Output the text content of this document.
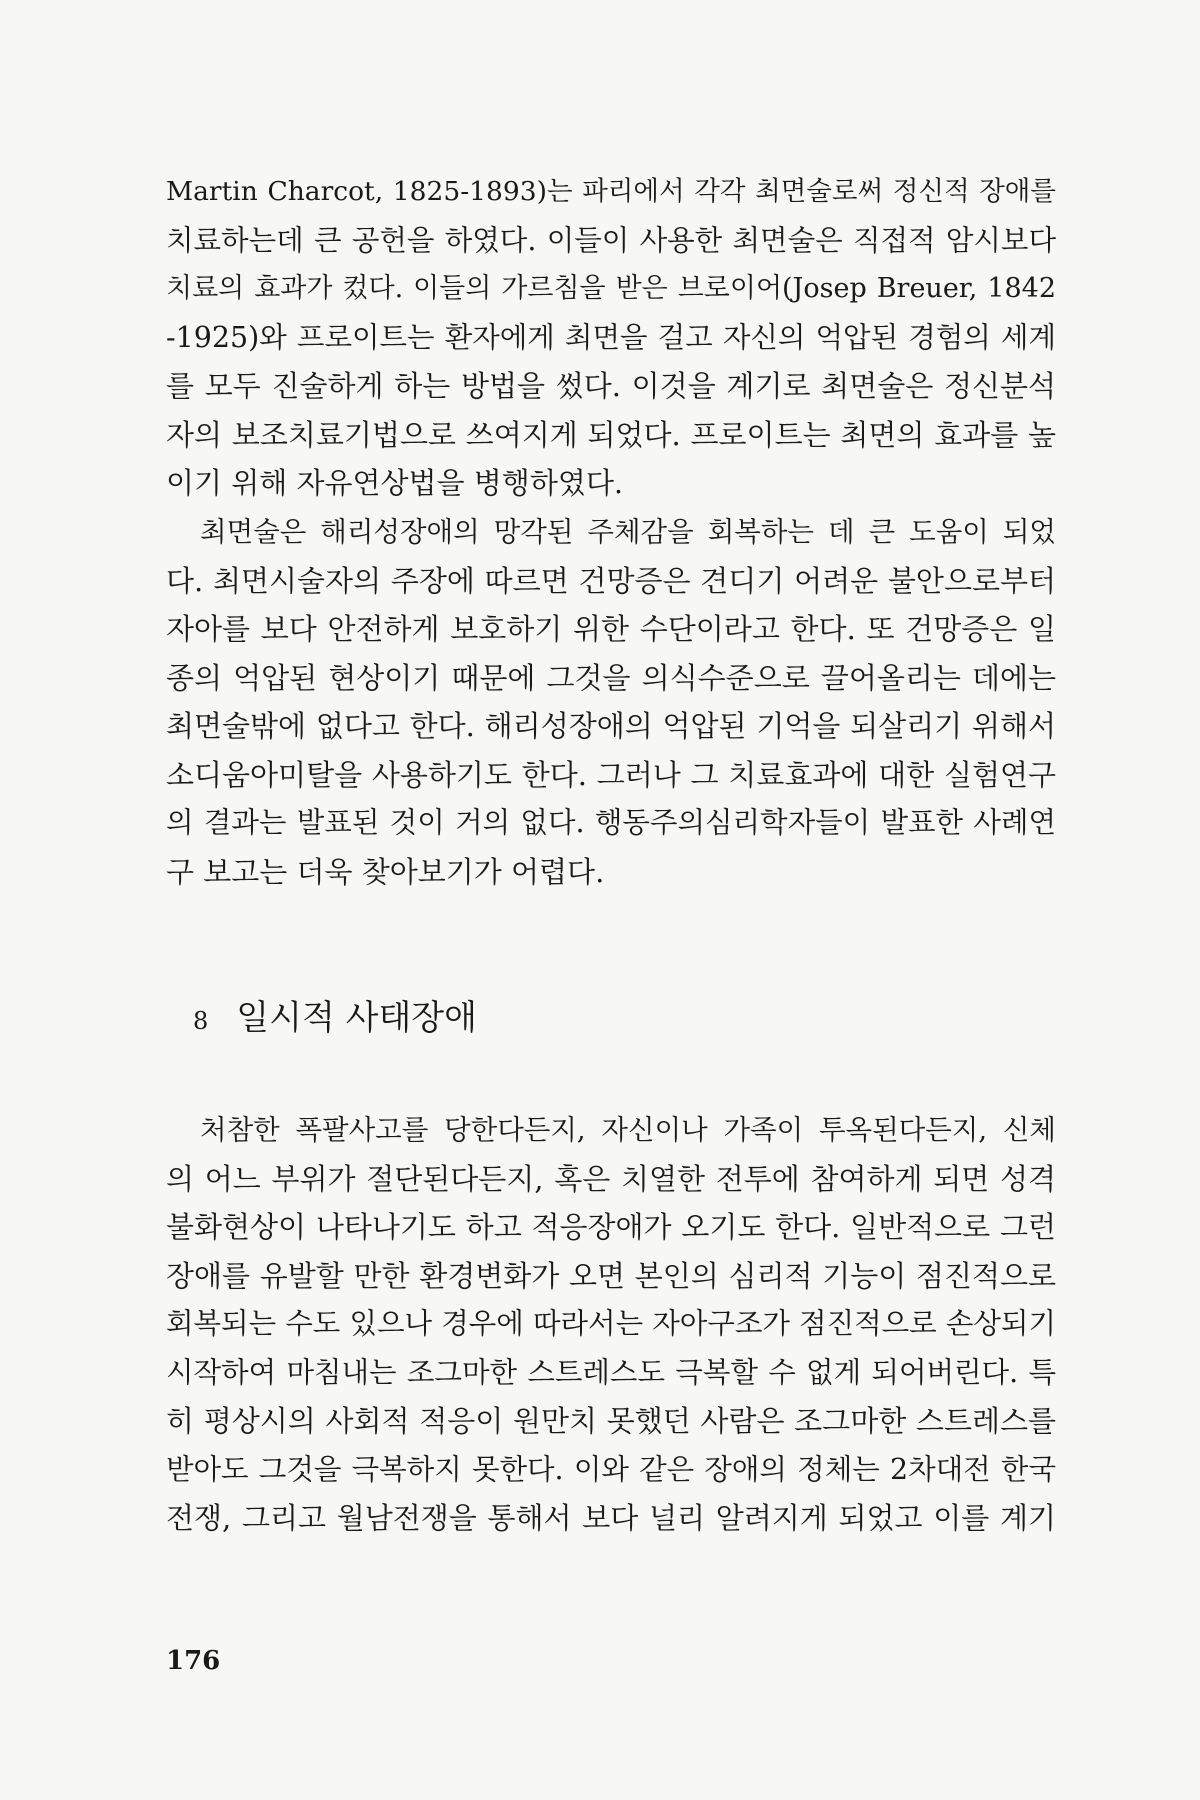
Martin Charcot, 1825-1893)는 파리에서 각각 최면술로써 정신적 장애를
치료하는데 큰 공헌을 하였다. 이들이 사용한 최면술은 직접적 암시보다
치료의 효과가 컸다. 이들의 가르침을 받은 브로이어(Josep Breuer, 1842
-1925)와 프로이트는 환자에게 최면을 걸고 자신의 억압된 경험의 세계
를 모두 진술하게 하는 방법을 썼다. 이것을 계기로 최면술은 정신분석
자의 보조치료기법으로 쓰여지게 되었다. 프로이트는 최면의 효과를 높
이기 위해 자유연상법을 병행하였다.
최면술은 해리성장애의 망각된 주체감을 회복하는 데 큰 도움이 되었
다. 최면시술자의 주장에 따르면 건망증은 견디기 어려운 불안으로부터
자아를 보다 안전하게 보호하기 위한 수단이라고 한다. 또 건망증은 일
종의 억압된 현상이기 때문에 그것을 의식수준으로 끌어올리는 데에는
최면술밖에 없다고 한다. 해리성장애의 억압된 기억을 되살리기 위해서
소디움아미탈을 사용하기도 한다. 그러나 그 치료효과에 대한 실험연구
의 결과는 발표된 것이 거의 없다. 행동주의심리학자들이 발표한 사례연
구 보고는 더욱 찾아보기가 어렵다.
8 일시적 사태장애
처참한 폭팔사고를 당한다든지, 자신이나 가족이 투옥된다든지, 신체
의 어느 부위가 절단된다든지, 혹은 치열한 전투에 참여하게 되면 성격
불화현상이 나타나기도 하고 적응장애가 오기도 한다. 일반적으로 그런
장애를 유발할 만한 환경변화가 오면 본인의 심리적 기능이 점진적으로
회복되는 수도 있으나 경우에 따라서는 자아구조가 점진적으로 손상되기
시작하여 마침내는 조그마한 스트레스도 극복할 수 없게 되어버린다. 특
히 평상시의 사회적 적응이 원만치 못했던 사람은 조그마한 스트레스를
받아도 그것을 극복하지 못한다. 이와 같은 장애의 정체는 2차대전 한국
전쟁, 그리고 월남전쟁을 통해서 보다 널리 알려지게 되었고 이를 계기
176
